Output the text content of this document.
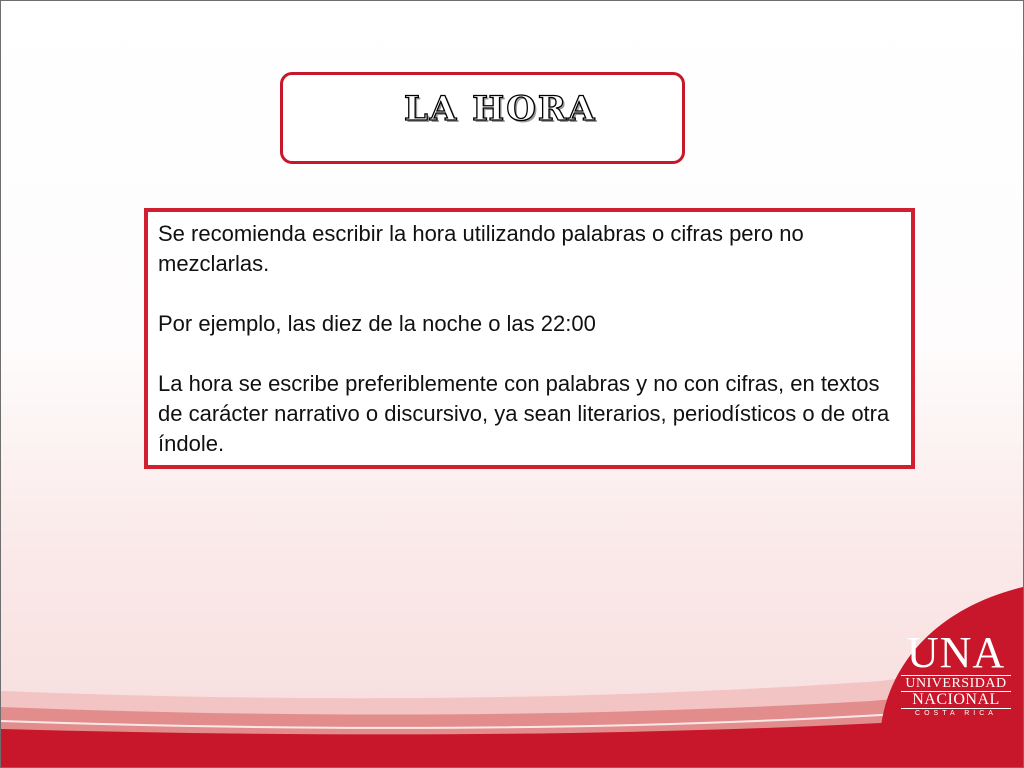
LA HORA

Se recomienda escribir la hora utilizando palabras o cifras pero no mezclarlas.

Por ejemplo, las diez de la noche o las 22:00

La hora se escribe preferiblemente con palabras y no con cifras, en textos de carácter narrativo o discursivo, ya sean literarios, periodísticos o de otra índole.

UNA
UNIVERSIDAD
NACIONAL
COSTA RICA
